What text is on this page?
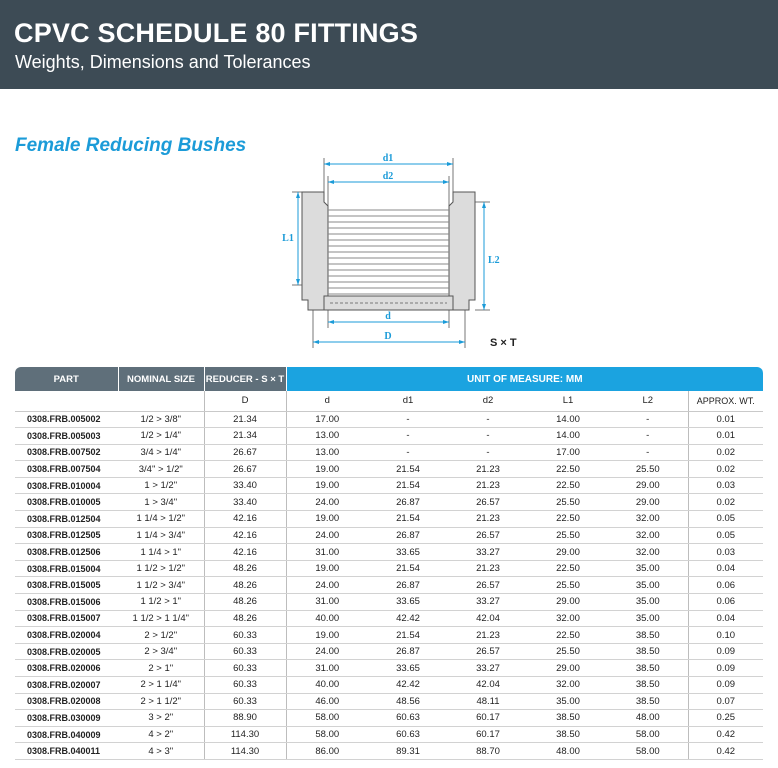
CPVC SCHEDULE 80 FITTINGS
Weights, Dimensions and Tolerances
Female Reducing Bushes
d1
d2
d
D
L1
L2
S × T
PART	NOMINAL SIZE	REDUCER - S × T	UNIT OF MEASURE: MM					
		D	d	d1	d2	L1	L2	APPROX. WT.
0308.FRB.005002	1/2 > 3/8"	21.34	17.00	-	-	14.00	-	0.01
0308.FRB.005003	1/2 > 1/4"	21.34	13.00	-	-	14.00	-	0.01
0308.FRB.007502	3/4 > 1/4"	26.67	13.00	-	-	17.00	-	0.02
0308.FRB.007504	3/4" > 1/2"	26.67	19.00	21.54	21.23	22.50	25.50	0.02
0308.FRB.010004	1 > 1/2"	33.40	19.00	21.54	21.23	22.50	29.00	0.03
0308.FRB.010005	1 > 3/4"	33.40	24.00	26.87	26.57	25.50	29.00	0.02
0308.FRB.012504	1 1/4 > 1/2"	42.16	19.00	21.54	21.23	22.50	32.00	0.05
0308.FRB.012505	1 1/4 > 3/4"	42.16	24.00	26.87	26.57	25.50	32.00	0.05
0308.FRB.012506	1 1/4 > 1"	42.16	31.00	33.65	33.27	29.00	32.00	0.03
0308.FRB.015004	1 1/2 > 1/2"	48.26	19.00	21.54	21.23	22.50	35.00	0.04
0308.FRB.015005	1 1/2 > 3/4"	48.26	24.00	26.87	26.57	25.50	35.00	0.06
0308.FRB.015006	1 1/2 > 1"	48.26	31.00	33.65	33.27	29.00	35.00	0.06
0308.FRB.015007	1 1/2 > 1 1/4"	48.26	40.00	42.42	42.04	32.00	35.00	0.04
0308.FRB.020004	2 > 1/2"	60.33	19.00	21.54	21.23	22.50	38.50	0.10
0308.FRB.020005	2 > 3/4"	60.33	24.00	26.87	26.57	25.50	38.50	0.09
0308.FRB.020006	2 > 1"	60.33	31.00	33.65	33.27	29.00	38.50	0.09
0308.FRB.020007	2 > 1 1/4"	60.33	40.00	42.42	42.04	32.00	38.50	0.09
0308.FRB.020008	2 > 1 1/2"	60.33	46.00	48.56	48.11	35.00	38.50	0.07
0308.FRB.030009	3 > 2"	88.90	58.00	60.63	60.17	38.50	48.00	0.25
0308.FRB.040009	4 > 2"	114.30	58.00	60.63	60.17	38.50	58.00	0.42
0308.FRB.040011	4 > 3"	114.30	86.00	89.31	88.70	48.00	58.00	0.42
